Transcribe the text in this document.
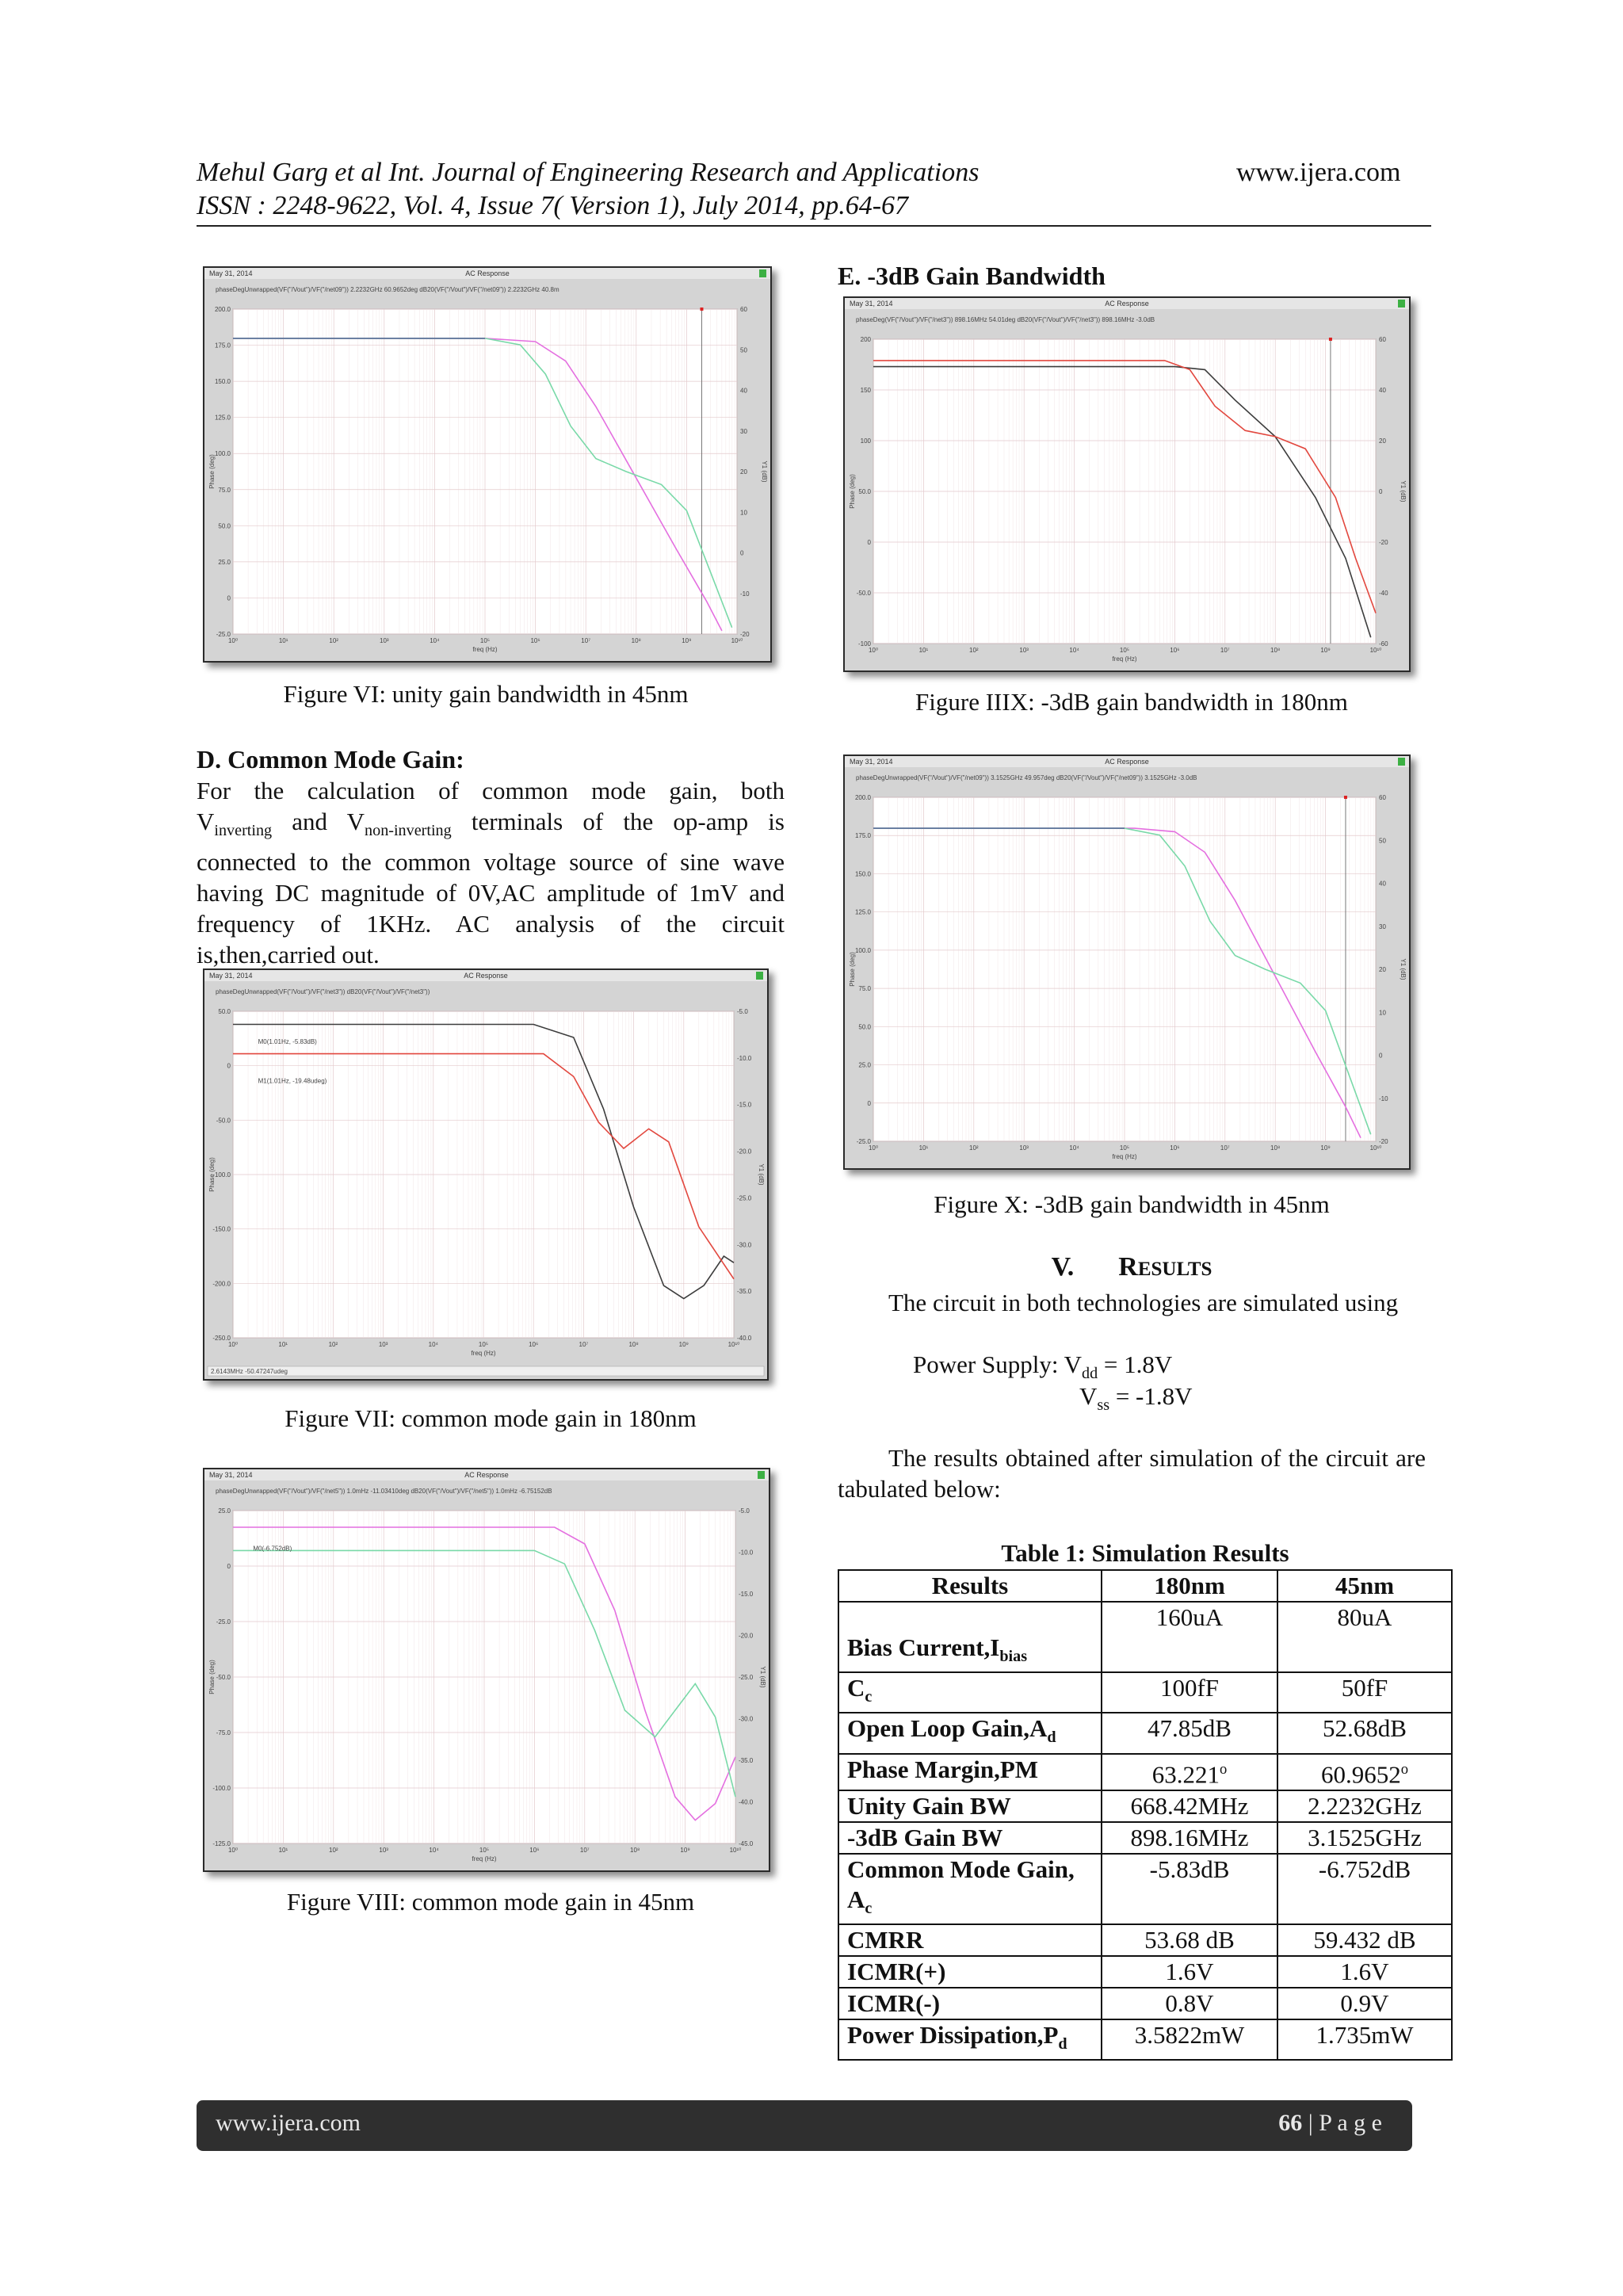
Mehul Garg et al Int. Journal of Engineering Research and Applications	www.ijera.com
ISSN : 2248-9622, Vol. 4, Issue 7( Version 1), July 2014, pp.64-67
May 31, 2014	AC Response
phaseDegUnwrapped(VF("/Vout")/VF("/net09")) 2.2232GHz 60.9652deg dB20(VF("/Vout")/VF("/net09")) 2.2232GHz 40.8m
10⁰	10¹	10²	10³	10⁴	10⁵	10⁶	10⁷	10⁸	10⁹	10¹⁰
200.0
175.0
150.0
125.0
100.0
75.0
50.0
25.0
0
-25.0
60
50
40
30
20
10
0
-10
-20
freq (Hz)
Phase (deg)	Y1 (dB)
Figure VI: unity gain bandwidth in 45nm
D. Common Mode Gain:
For the calculation of common mode gain, both
$V_{inverting}$ and $V_{non-inverting}$ terminals of the op-amp is
connected to the common voltage source of sine wave having DC magnitude of 0V,AC amplitude of 1mV and frequency of 1KHz. AC analysis of the circuit is,then,carried out.
May 31, 2014	AC Response
phaseDegUnwrapped(VF("/Vout")/VF("/net3")) dB20(VF("/Vout")/VF("/net3"))
10⁰	10¹	10²	10³	10⁴	10⁵	10⁶	10⁷	10⁸	10⁹	10¹⁰
50.0
0
-50.0
-100.0
-150.0
-200.0
-250.0
-5.0
-10.0
-15.0
-20.0
-25.0
-30.0
-35.0
-40.0
freq (Hz)
Phase (deg)	Y1 (dB)
M0(1.01Hz, -5.83dB)
M1(1.01Hz, -19.48udeg)
2.6143MHz -50.47247udeg
Figure VII: common mode gain in 180nm
May 31, 2014	AC Response
phaseDegUnwrapped(VF("/Vout")/VF("/net5")) 1.0mHz -11.03410deg dB20(VF("/Vout")/VF("/net5")) 1.0mHz -6.75152dB
10⁰	10¹	10²	10³	10⁴	10⁵	10⁶	10⁷	10⁸	10⁹	10¹⁰
25.0
0
-25.0
-50.0
-75.0
-100.0
-125.0
-5.0
-10.0
-15.0
-20.0
-25.0
-30.0
-35.0
-40.0
-45.0
freq (Hz)
Phase (deg)	Y1 (dB)
M0(-6.752dB)
Figure VIII: common mode gain in 45nm
E. -3dB Gain Bandwidth
May 31, 2014	AC Response
phaseDeg(VF("/Vout")/VF("/net3")) 898.16MHz 54.01deg dB20(VF("/Vout")/VF("/net3")) 898.16MHz -3.0dB
10⁰	10¹	10²	10³	10⁴	10⁵	10⁶	10⁷	10⁸	10⁹	10¹⁰
200
150
100
50.0
0
-50.0
-100
60
40
20
0
-20
-40
-60
freq (Hz)
Phase (deg)	Y1 (dB)
Figure IIIX: -3dB gain bandwidth in 180nm
May 31, 2014	AC Response
phaseDegUnwrapped(VF("/Vout")/VF("/net09")) 3.1525GHz 49.957deg dB20(VF("/Vout")/VF("/net09")) 3.1525GHz -3.0dB
10⁰	10¹	10²	10³	10⁴	10⁵	10⁶	10⁷	10⁸	10⁹	10¹⁰
200.0
175.0
150.0
125.0
100.0
75.0
50.0
25.0
0
-25.0
60
50
40
30
20
10
0
-10
-20
freq (Hz)
Phase (deg)	Y1 (dB)
Figure X: -3dB gain bandwidth in 45nm
V. RESULTS
The circuit in both technologies are simulated using
Power Supply: $V_{dd} = 1.8V$
$V_{ss} = -1.8V$
The results obtained after simulation of the circuit are tabulated below:
Table 1: Simulation Results
Results	180nm	45nm
Bias $Current,I_{bias}$	160uA	80uA
$C_c$	100fF	50fF
Open Loop $Gain,A_d$	47.85dB	52.68dB
Phase Margin,PM	63.221$^o$	60.9652$^o$
Unity Gain BW	668.42MHz	2.2232GHz
-3dB Gain BW	898.16MHz	3.1525GHz
Common Mode Gain, $A_c$	-5.83dB	-6.752dB
CMRR	53.68 dB	59.432 dB
ICMR(+)	1.6V	1.6V
ICMR(-)	0.8V	0.9V
Power $Dissipation,P_d$	3.5822mW	1.735mW
www.ijera.com	66 | P a g e
